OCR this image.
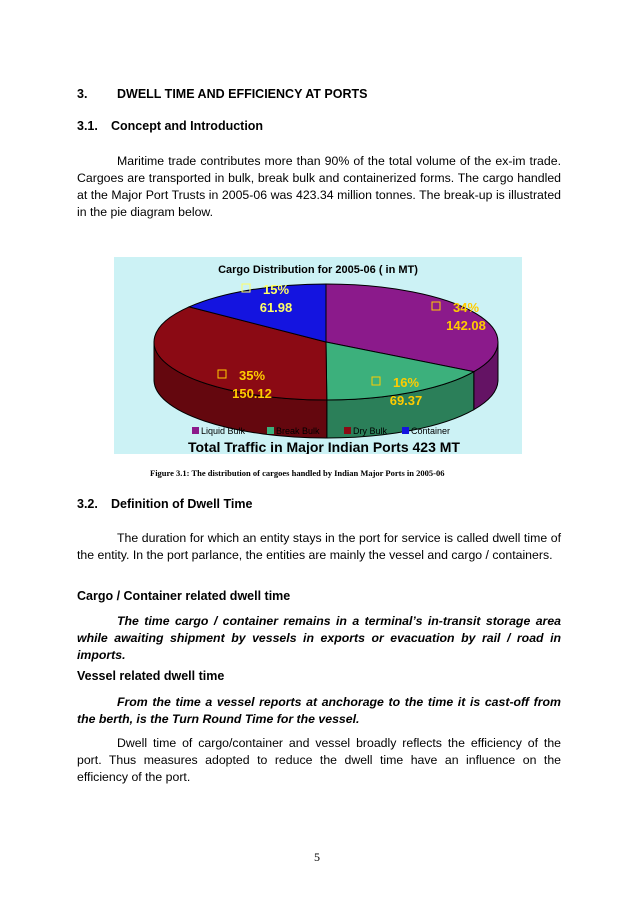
3. DWELL TIME AND EFFICIENCY AT PORTS
3.1. Concept and Introduction
Maritime trade contributes more than 90% of the total volume of the ex-im trade. Cargoes are transported in bulk, break bulk and containerized forms. The cargo handled at the Major Port Trusts in 2005-06 was 423.34 million tonnes. The break-up is illustrated in the pie diagram below.
Cargo Distribution for 2005-06 ( in MT)
34%
142.08
16%
69.37
35%
150.12
15%
61.98
Liquid Bulk	Break Bulk	Dry Bulk	Container
Total Traffic in Major Indian Ports 423 MT
Figure 3.1: The distribution of cargoes handled by Indian Major Ports in 2005-06
3.2. Definition of Dwell Time
The duration for which an entity stays in the port for service is called dwell time of the entity. In the port parlance, the entities are mainly the vessel and cargo / containers.
Cargo / Container related dwell time
The time cargo / container remains in a terminal’s in-transit storage area while awaiting shipment by vessels in exports or evacuation by rail / road in imports.
Vessel related dwell time
From the time a vessel reports at anchorage to the time it is cast-off from the berth, is the Turn Round Time for the vessel.
Dwell time of cargo/container and vessel broadly reflects the efficiency of the port. Thus measures adopted to reduce the dwell time have an influence on the efficiency of the port.
5
